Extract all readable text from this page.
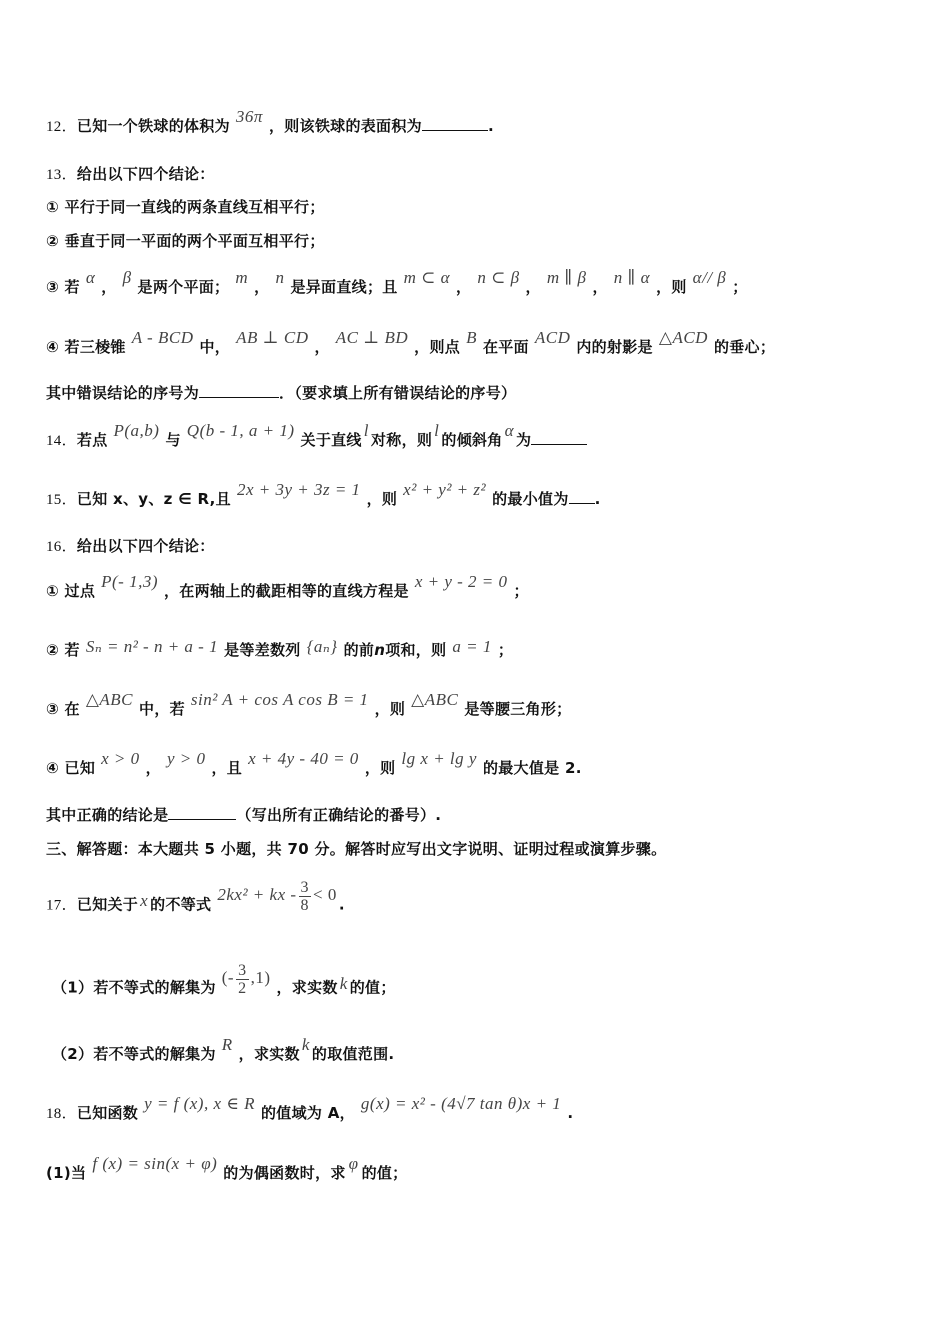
12．已知一个铁球的体积为 36π ，则该铁球的表面积为	.
13．给出以下四个结论：
① 平行于同一直线的两条直线互相平行；
② 垂直于同一平面的两个平面互相平行；
③ 若 α ， β 是两个平面； m ， n 是异面直线；且 m ⊂ α ， n ⊂ β ， m ∥ β ， n ∥ α ，则 α// β ；
④ 若三棱锥 A - BCD 中， AB ⊥ CD ， AC ⊥ BD ，则点 B 在平面 ACD 内的射影是 △ACD 的垂心；
其中错误结论的序号为	．（要求填上所有错误结论的序号）
14．若点 P(a,b) 与 Q(b - 1, a + 1) 关于直线 l 对称，则 l 的倾斜角 α 为
15．已知 x、y、z ∈ R,且 2x + 3y + 3z = 1 ，则 x² + y² + z² 的最小值为 .
16．给出以下四个结论：
① 过点 P(- 1,3) ，在两轴上的截距相等的直线方程是 x + y - 2 = 0 ；
② 若 Sₙ = n² - n + a - 1 是等差数列 {aₙ} 的前n项和，则 a = 1 ；
③ 在 △ABC 中，若 sin² A + cos A cos B = 1 ，则 △ABC 是等腰三角形；
④ 已知 x > 0 ， y > 0 ，且 x + 4y - 40 = 0 ，则 lg x + lg y 的最大值是 2.
其中正确的结论是	（写出所有正确结论的番号）.
三、解答题：本大题共 5 小题，共 70 分。解答时应写出文字说明、证明过程或演算步骤。
17．已知关于 x 的不等式 2kx² + kx - $\frac{3}{8} < 0$ .
（1）若不等式的解集为 (- $\frac{3}{2} ,1$) ，求实数 k 的值；
（2）若不等式的解集为 R ，求实数 k 的取值范围.
18．已知函数 y = f (x), x ∈ R 的值域为 A， g(x) = x² - (4√7 tan θ)x + 1 .
(1)当 f (x) = sin(x + φ) 的为偶函数时，求 φ 的值；
